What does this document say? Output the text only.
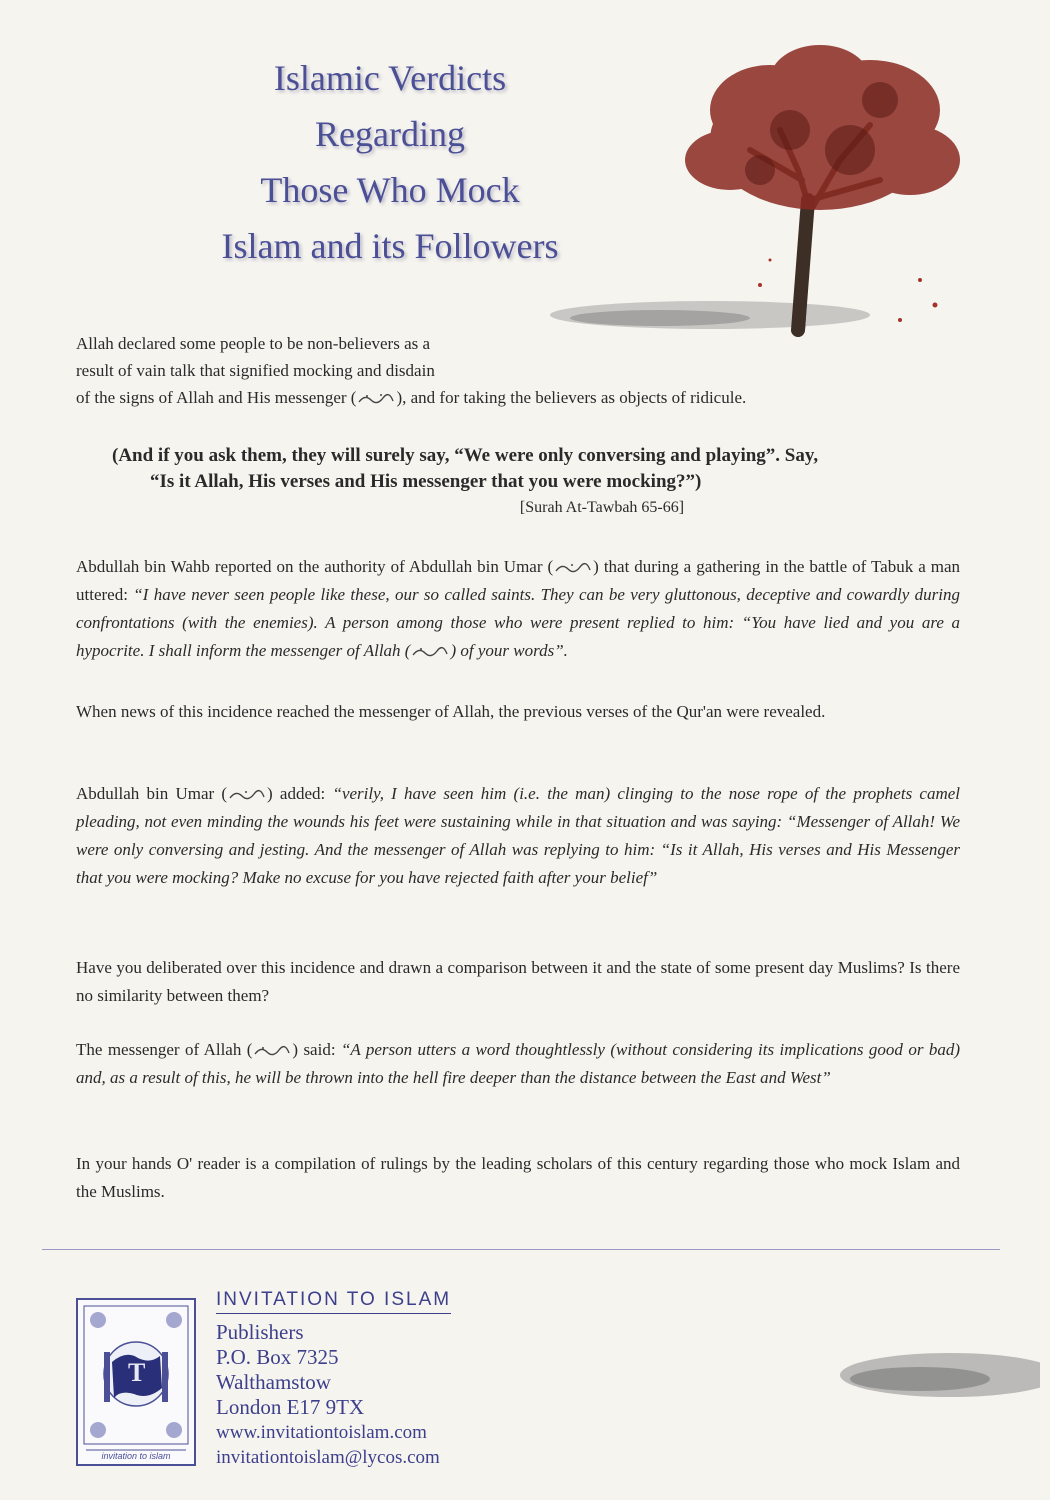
Islamic Verdicts
Regarding
Those Who Mock
Islam and its Followers
Allah declared some people to be non-believers as a
result of vain talk that signified mocking and disdain
of the signs of Allah and His messenger ( ), and for taking the believers as objects of ridicule.
(And if you ask them, they will surely say, “We were only conversing and playing”. Say,
“Is it Allah, His verses and His messenger that you were mocking?”)
[Surah At-Tawbah 65-66]

Abdullah bin Wahb reported on the authority of Abdullah bin Umar ( ) that during a gathering in the battle of Tabuk a man uttered: “I have never seen people like these, our so called saints. They can be very gluttonous, deceptive and cowardly during confrontations (with the enemies). A person among those who were present replied to him: “You have lied and you are a hypocrite. I shall inform the messenger of Allah ( ) of your words”.

When news of this incidence reached the messenger of Allah, the previous verses of the Qur'an were revealed.

Abdullah bin Umar ( ) added: “verily, I have seen him (i.e. the man) clinging to the nose rope of the prophets camel pleading, not even minding the wounds his feet were sustaining while in that situation and was saying: “Messenger of Allah! We were only conversing and jesting. And the messenger of Allah was replying to him: “Is it Allah, His verses and His Messenger that you were mocking? Make no excuse for you have rejected faith after your belief”

Have you deliberated over this incidence and drawn a comparison between it and the state of some present day Muslims? Is there no similarity between them?

The messenger of Allah ( ) said: “A person utters a word thoughtlessly (without considering its implications good or bad) and, as a result of this, he will be thrown into the hell fire deeper than the distance between the East and West”

In your hands O' reader is a compilation of rulings by the leading scholars of this century regarding those who mock Islam and the Muslims.

T
invitation to islam
INVITATION TO ISLAM
Publishers
P.O. Box 7325
Walthamstow
London E17 9TX
www.invitationtoislam.com
invitationtoislam@lycos.com
